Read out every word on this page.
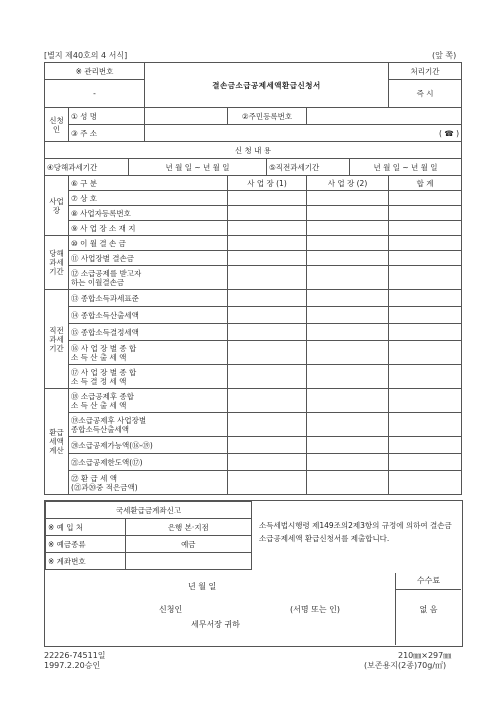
[별지 제40호의 4 서식]	(앞 쪽)
※ 관리번호			결손금소급공제세액환급신청서					처리기간
-								즉 시
신청인	① 성 명			②주민등록번호				
	③ 주 소		( ☎ )					
신 청 내 용								
④당해과세기간		년 월 일 ~ 년 월 일			⑤직전과세기간		년 월 일 ~ 년 월 일	
사업장	⑥ 구 분			사 업 장 (1)		사 업 장 (2)		합 계
	⑦ 상 호							
	⑧ 사업자등록번호							
	⑨ 사 업 장 소 재 지							
당해과세기간	⑩ 이 월 결 손 금							
	⑪ 사업장별 결손금							
	⑫ 소급공제를 받고자
하는 이월결손금							
직전과세기간	⑬ 종합소득과세표준							
	⑭ 종합소득산출세액							
	⑮ 종합소득결정세액							
	⑯ 사 업 장 별 종 합
소 득 산 출 세 액							
	⑰ 사 업 장 별 종 합
소 득 결 정 세 액							
환급세액계산	⑱ 소급공제후 종합
소 득 산 출 세 액							
	⑲소급공제후 사업장별
종합소득산출세액							
	⑳소급공제가능액(⑯-⑲)							
	㉑소급공제한도액(⑰)							
	㉒ 환 급 세 액
(㉑과⑳중 적은금액)							
국세환급금계좌신고	
※ 예 입 처	은행 본·지점
※ 예금종류	예금
※ 계좌번호	
소득세법시행령 제149조의2제3항의 규정에 의하여 결손금소급공제세액 환급신청서를 제출합니다.
년 월 일
신청인	(서명 또는 인)
세무서장 귀하
수수료
없 음
22226-74511일
1997.2.20승인
210㎜×297㎜
(보존용지(2종)70g/㎡)
